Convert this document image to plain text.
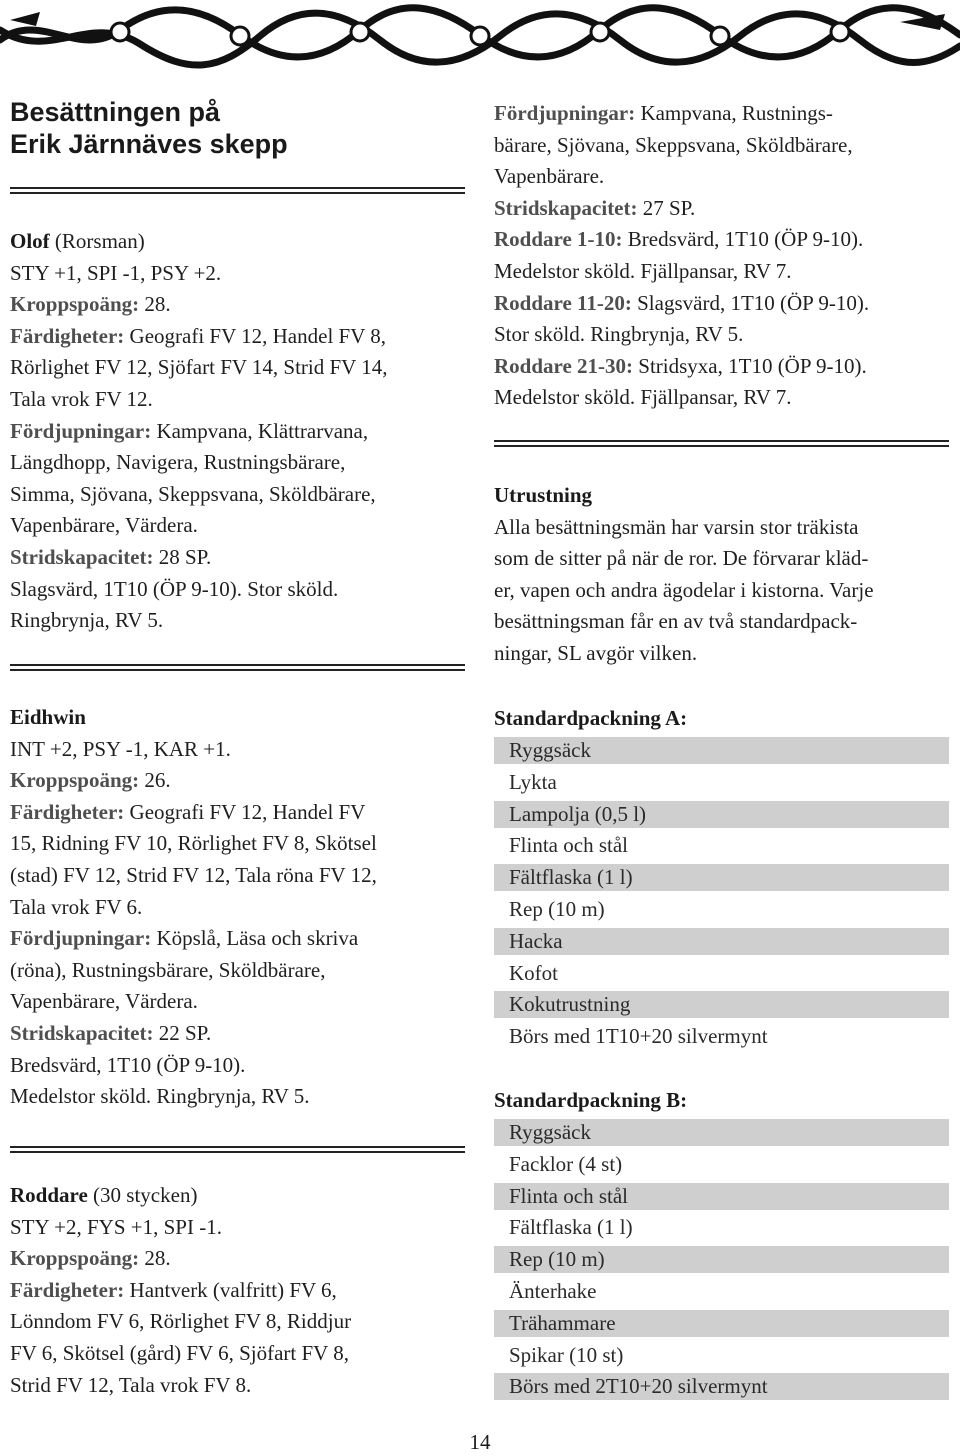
Besättningen på
Erik Järnnäves skepp
Olof (Rorsman)
STY +1, SPI -1, PSY +2.
Kroppspoäng: 28.
Färdigheter: Geografi FV 12, Handel FV 8,
Rörlighet FV 12, Sjöfart FV 14, Strid FV 14,
Tala vrok FV 12.
Fördjupningar: Kampvana, Klättrarvana,
Längdhopp, Navigera, Rustningsbärare,
Simma, Sjövana, Skeppsvana, Sköldbärare,
Vapenbärare, Värdera.
Stridskapacitet: 28 SP.
Slagsvärd, 1T10 (ÖP 9-10). Stor sköld.
Ringbrynja, RV 5.
Eidhwin
INT +2, PSY -1, KAR +1.
Kroppspoäng: 26.
Färdigheter: Geografi FV 12, Handel FV
15, Ridning FV 10, Rörlighet FV 8, Skötsel
(stad) FV 12, Strid FV 12, Tala röna FV 12,
Tala vrok FV 6.
Fördjupningar: Köpslå, Läsa och skriva
(röna), Rustningsbärare, Sköldbärare,
Vapenbärare, Värdera.
Stridskapacitet: 22 SP.
Bredsvärd, 1T10 (ÖP 9-10).
Medelstor sköld. Ringbrynja, RV 5.
Roddare (30 stycken)
STY +2, FYS +1, SPI -1.
Kroppspoäng: 28.
Färdigheter: Hantverk (valfritt) FV 6,
Lönndom FV 6, Rörlighet FV 8, Riddjur
FV 6, Skötsel (gård) FV 6, Sjöfart FV 8,
Strid FV 12, Tala vrok FV 8.
Fördjupningar: Kampvana, Rustnings-
bärare, Sjövana, Skeppsvana, Sköldbärare,
Vapenbärare.
Stridskapacitet: 27 SP.
Roddare 1-10: Bredsvärd, 1T10 (ÖP 9-10).
Medelstor sköld. Fjällpansar, RV 7.
Roddare 11-20: Slagsvärd, 1T10 (ÖP 9-10).
Stor sköld. Ringbrynja, RV 5.
Roddare 21-30: Stridsyxa, 1T10 (ÖP 9-10).
Medelstor sköld. Fjällpansar, RV 7.
Utrustning
Alla besättningsmän har varsin stor träkista
som de sitter på när de ror. De förvarar kläd-
er, vapen och andra ägodelar i kistorna. Varje
besättningsman får en av två standardpack-
ningar, SL avgör vilken.
Standardpackning A:
Ryggsäck
Lykta
Lampolja (0,5 l)
Flinta och stål
Fältflaska (1 l)
Rep (10 m)
Hacka
Kofot
Kokutrustning
Börs med 1T10+20 silvermynt
Standardpackning B:
Ryggsäck
Facklor (4 st)
Flinta och stål
Fältflaska (1 l)
Rep (10 m)
Änterhake
Trähammare
Spikar (10 st)
Börs med 2T10+20 silvermynt
14
